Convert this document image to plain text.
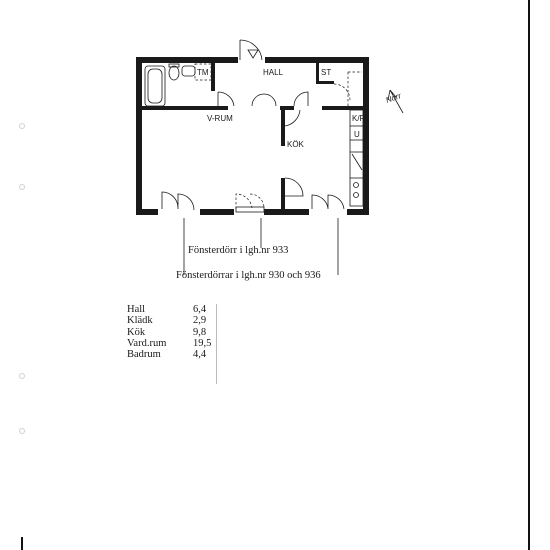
Norr
TM	HALL	ST
V-RUM
KÖK
K/F
U
Fönsterdörr i lgh.nr 933
Fönsterdörrar i lgh.nr 930 och 936
Hall	6,4
Klädk	2,9
Kök	9,8
Vard.rum	19,5
Badrum	4,4
